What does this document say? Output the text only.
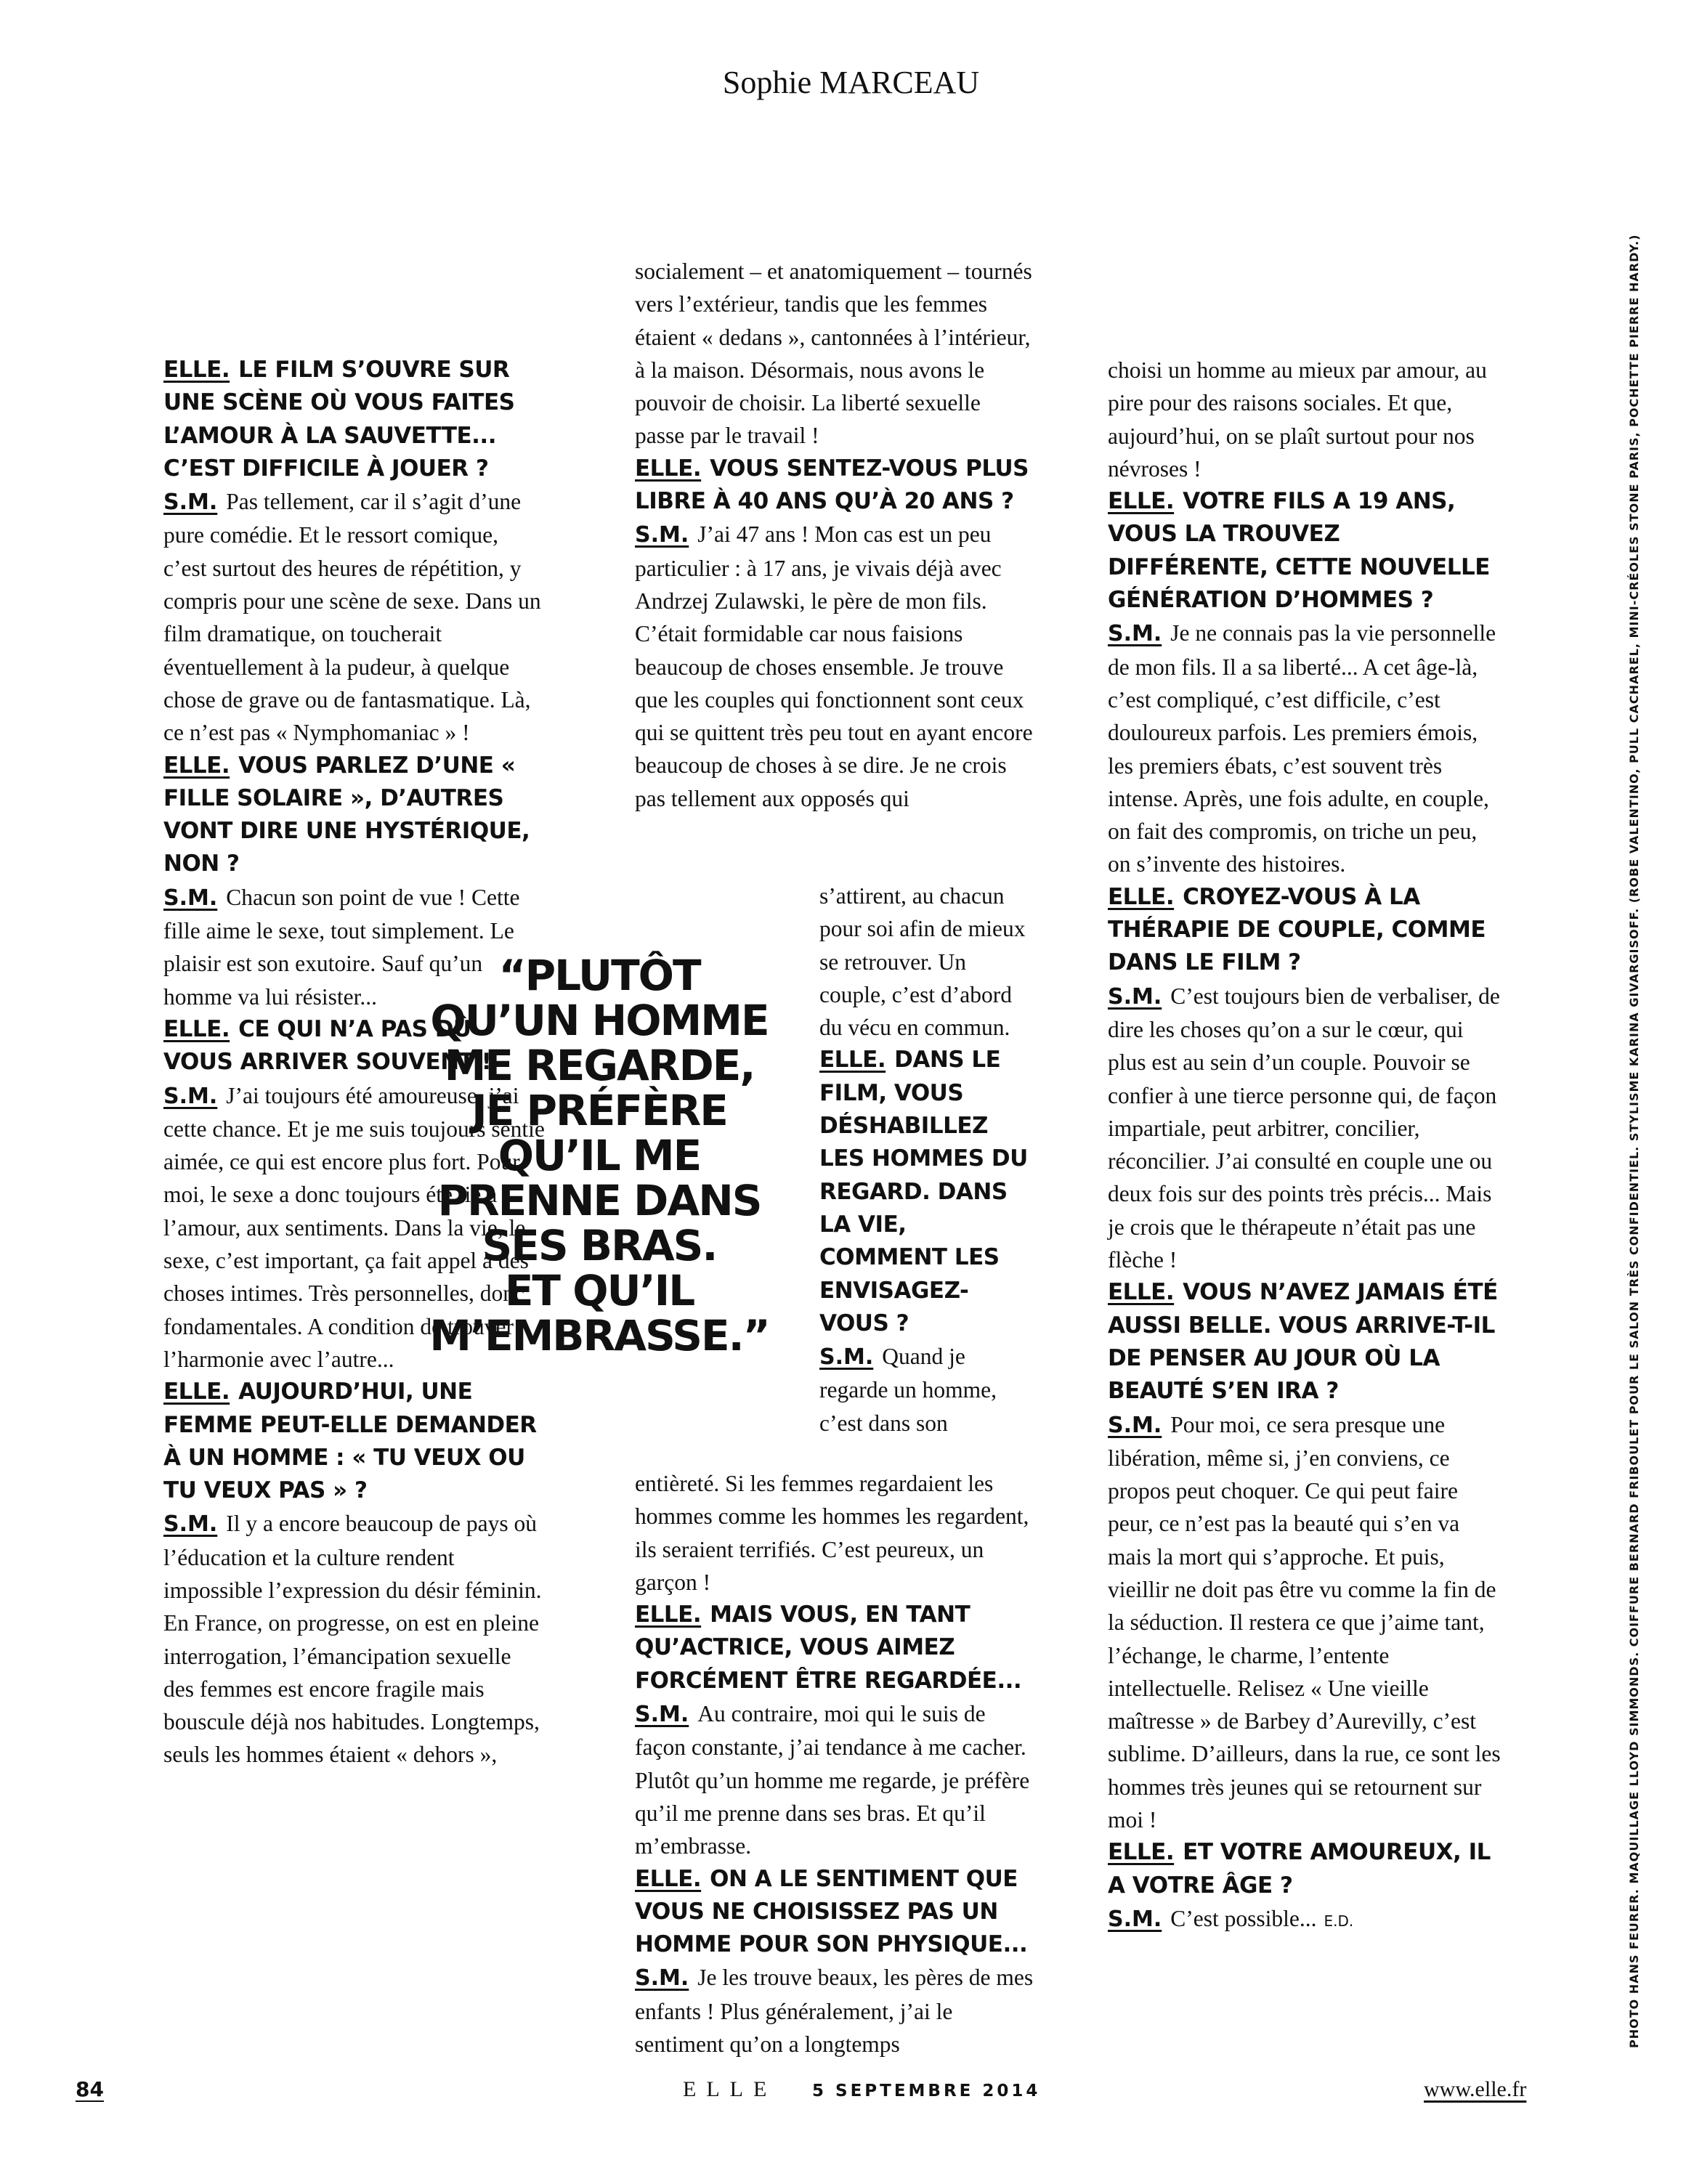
Sophie MARCEAU

ELLE. LE FILM S’OUVRE SUR UNE SCÈNE OÙ VOUS FAITES L’AMOUR À LA SAUVETTE... C’EST DIFFICILE À JOUER ?

S.M. Pas tellement, car il s’agit d’une pure comédie. Et le ressort comique, c’est surtout des heures de répétition, y compris pour une scène de sexe. Dans un film dramatique, on toucherait éventuellement à la pudeur, à quelque chose de grave ou de fantasmatique. Là, ce n’est pas « Nymphomaniac » !

ELLE. VOUS PARLEZ D’UNE « FILLE SOLAIRE », D’AUTRES VONT DIRE UNE HYSTÉRIQUE, NON ?

S.M. Chacun son point de vue ! Cette fille aime le sexe, tout simplement. Le plaisir est son exutoire. Sauf qu’un homme va lui résister...

ELLE. CE QUI N’A PAS DÛ VOUS ARRIVER SOUVENT !

S.M. J’ai toujours été amoureuse, j’ai cette chance. Et je me suis toujours sentie aimée, ce qui est encore plus fort. Pour moi, le sexe a donc toujours été lié à l’amour, aux sentiments. Dans la vie, le sexe, c’est important, ça fait appel à des choses intimes. Très personnelles, donc fondamentales. A condition de trouver l’harmonie avec l’autre...

ELLE. AUJOURD’HUI, UNE FEMME PEUT-ELLE DEMANDER À UN HOMME : « TU VEUX OU TU VEUX PAS » ?

S.M. Il y a encore beaucoup de pays où l’éducation et la culture rendent impossible l’expression du désir féminin. En France, on progresse, on est en pleine interrogation, l’émancipation sexuelle des femmes est encore fragile mais bouscule déjà nos habitudes. Longtemps, seuls les hommes étaient « dehors »,

socialement – et anatomiquement – tournés vers l’extérieur, tandis que les femmes étaient « dedans », cantonnées à l’intérieur, à la maison. Désormais, nous avons le pouvoir de choisir. La liberté sexuelle passe par le travail !

ELLE. VOUS SENTEZ-VOUS PLUS LIBRE À 40 ANS QU’À 20 ANS ?

S.M. J’ai 47 ans ! Mon cas est un peu particulier : à 17 ans, je vivais déjà avec Andrzej Zulawski, le père de mon fils. C’était formidable car nous faisions beaucoup de choses ensemble. Je trouve que les couples qui fonctionnent sont ceux qui se quittent très peu tout en ayant encore beaucoup de choses à se dire. Je ne crois pas tellement aux opposés qui

s’attirent, au chacun pour soi afin de mieux se retrouver. Un couple, c’est d’abord du vécu en commun.

ELLE. DANS LE FILM, VOUS DÉSHABILLEZ LES HOMMES DU REGARD. DANS LA VIE, COMMENT LES ENVISAGEZ-VOUS ?

S.M. Quand je regarde un homme, c’est dans son

entièreté. Si les femmes regardaient les hommes comme les hommes les regardent, ils seraient terrifiés. C’est peureux, un garçon !

ELLE. MAIS VOUS, EN TANT QU’ACTRICE, VOUS AIMEZ FORCÉMENT ÊTRE REGARDÉE...

S.M. Au contraire, moi qui le suis de façon constante, j’ai tendance à me cacher. Plutôt qu’un homme me regarde, je préfère qu’il me prenne dans ses bras. Et qu’il m’embrasse.

ELLE. ON A LE SENTIMENT QUE VOUS NE CHOISISSEZ PAS UN HOMME POUR SON PHYSIQUE...

S.M. Je les trouve beaux, les pères de mes enfants ! Plus généralement, j’ai le sentiment qu’on a longtemps

choisi un homme au mieux par amour, au pire pour des raisons sociales. Et que, aujourd’hui, on se plaît surtout pour nos névroses !

ELLE. VOTRE FILS A 19 ANS, VOUS LA TROUVEZ DIFFÉRENTE, CETTE NOUVELLE GÉNÉRATION D’HOMMES ?

S.M. Je ne connais pas la vie personnelle de mon fils. Il a sa liberté... A cet âge-là, c’est compliqué, c’est difficile, c’est douloureux parfois. Les premiers émois, les premiers ébats, c’est souvent très intense. Après, une fois adulte, en couple, on fait des compromis, on triche un peu, on s’invente des histoires.

ELLE. CROYEZ-VOUS À LA THÉRAPIE DE COUPLE, COMME DANS LE FILM ?

S.M. C’est toujours bien de verbaliser, de dire les choses qu’on a sur le cœur, qui plus est au sein d’un couple. Pouvoir se confier à une tierce personne qui, de façon impartiale, peut arbitrer, concilier, réconcilier. J’ai consulté en couple une ou deux fois sur des points très précis... Mais je crois que le thérapeute n’était pas une flèche !

ELLE. VOUS N’AVEZ JAMAIS ÉTÉ AUSSI BELLE. VOUS ARRIVE-T-IL DE PENSER AU JOUR OÙ LA BEAUTÉ S’EN IRA ?

S.M. Pour moi, ce sera presque une libération, même si, j’en conviens, ce propos peut choquer. Ce qui peut faire peur, ce n’est pas la beauté qui s’en va mais la mort qui s’approche. Et puis, vieillir ne doit pas être vu comme la fin de la séduction. Il restera ce que j’aime tant, l’échange, le charme, l’entente intellectuelle. Relisez « Une vieille maîtresse » de Barbey d’Aurevilly, c’est sublime. D’ailleurs, dans la rue, ce sont les hommes très jeunes qui se retournent sur moi !

ELLE. ET VOTRE AMOUREUX, IL A VOTRE ÂGE ?

S.M. C’est possible... E.D.

“PLUTÔT
QU’UN HOMME
ME REGARDE,
JE PRÉFÈRE
QU’IL ME
PRENNE DANS
SES BRAS.
ET QU’IL
M’EMBRASSE.”	PHOTO HANS FEURER. MAQUILLAGE LLOYD SIMMONDS. COIFFURE BERNARD FRIBOULET POUR LE SALON TRÈS CONFIDENTIEL. STYLISME KARINA GIVARGISOFF. (ROBE VALENTINO, PULL CACHAREL, MINI-CRÉOLES STONE PARIS, POCHETTE PIERRE HARDY.)
84	ELLE 5 SEPTEMBRE 2014	www.elle.fr
